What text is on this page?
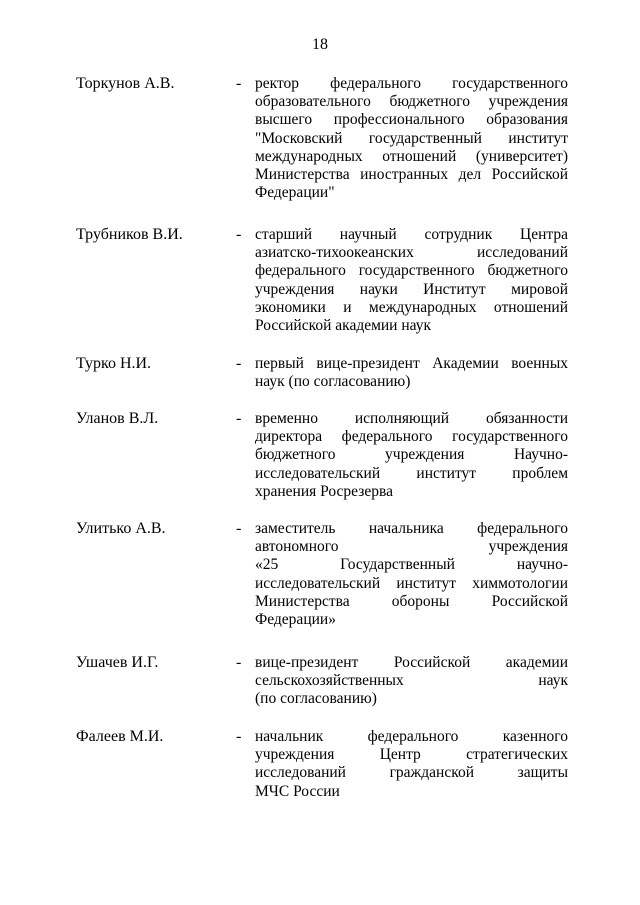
18
Торкунов А.В.	- ректор федерального государственного
образовательного бюджетного учреждения
высшего профессионального образования
"Московский государственный институт
международных отношений (университет)
Министерства иностранных дел Российской
Федерации"
Трубников В.И.	- старший научный сотрудник Центра
азиатско-тихоокеанских исследований
федерального государственного бюджетного
учреждения науки Институт мировой
экономики и международных отношений
Российской академии наук
Турко Н.И.	- первый вице-президент Академии военных
наук (по согласованию)
Уланов В.Л.	- временно исполняющий обязанности
директора федерального государственного
бюджетного учреждения Научно-
исследовательский институт проблем
хранения Росрезерва
Улитько А.В.	- заместитель начальника федерального
автономного учреждения
«25 Государственный научно-
исследовательский институт химмотологии
Министерства обороны Российской
Федерации»
Ушачев И.Г.	- вице-президент Российской академии
сельскохозяйственных наук
(по согласованию)
Фалеев М.И.	- начальник федерального казенного
учреждения Центр стратегических
исследований гражданской защиты
МЧС России
